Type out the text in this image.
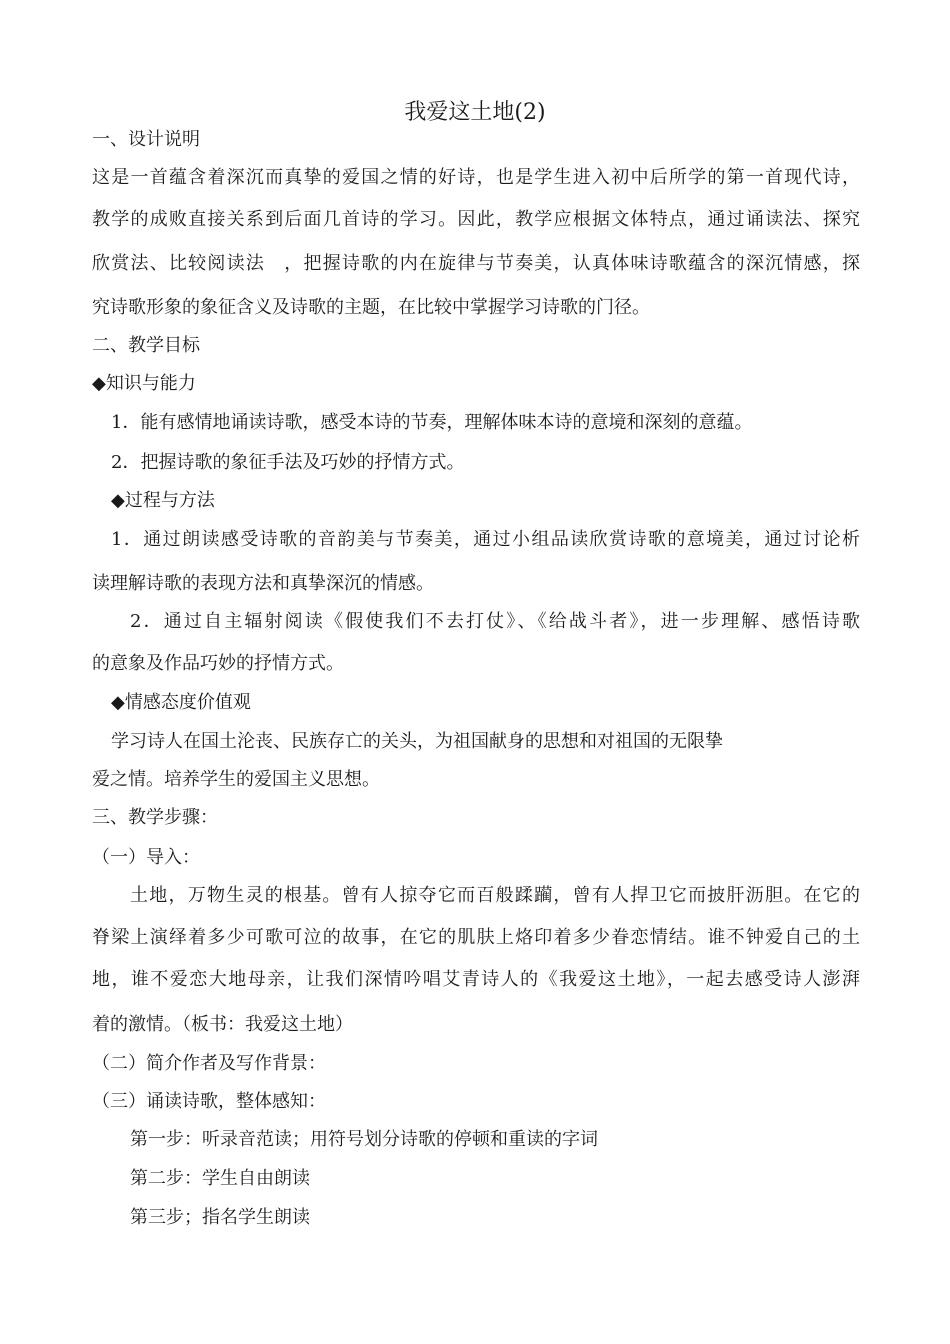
我爱这土地(2)
一、设计说明
这是一首蕴含着深沉而真挚的爱国之情的好诗，也是学生进入初中后所学的第一首现代诗，
教学的成败直接关系到后面几首诗的学习。因此，教学应根据文体特点，通过诵读法、探究
欣赏法、比较阅读法　，把握诗歌的内在旋律与节奏美，认真体味诗歌蕴含的深沉情感，探
究诗歌形象的象征含义及诗歌的主题，在比较中掌握学习诗歌的门径。
二、教学目标
◆知识与能力
1．能有感情地诵读诗歌，感受本诗的节奏，理解体味本诗的意境和深刻的意蕴。
2．把握诗歌的象征手法及巧妙的抒情方式。
◆过程与方法
1．通过朗读感受诗歌的音韵美与节奏美，通过小组品读欣赏诗歌的意境美，通过讨论析
读理解诗歌的表现方法和真挚深沉的情感。
2．通过自主辐射阅读《假使我们不去打仗》、《给战斗者》，进一步理解、感悟诗歌
的意象及作品巧妙的抒情方式。
◆情感态度价值观
学习诗人在国土沦丧、民族存亡的关头，为祖国献身的思想和对祖国的无限挚
爱之情。培养学生的爱国主义思想。
三、教学步骤：
（一）导入：
土地，万物生灵的根基。曾有人掠夺它而百般蹂躏，曾有人捍卫它而披肝沥胆。在它的
脊梁上演绎着多少可歌可泣的故事，在它的肌肤上烙印着多少眷恋情结。谁不钟爱自己的土
地，谁不爱恋大地母亲，让我们深情吟唱艾青诗人的《我爱这土地》，一起去感受诗人澎湃
着的激情。（板书：我爱这土地）
（二）简介作者及写作背景：
（三）诵读诗歌，整体感知：
第一步：听录音范读；用符号划分诗歌的停顿和重读的字词
第二步：学生自由朗读
第三步；指名学生朗读
